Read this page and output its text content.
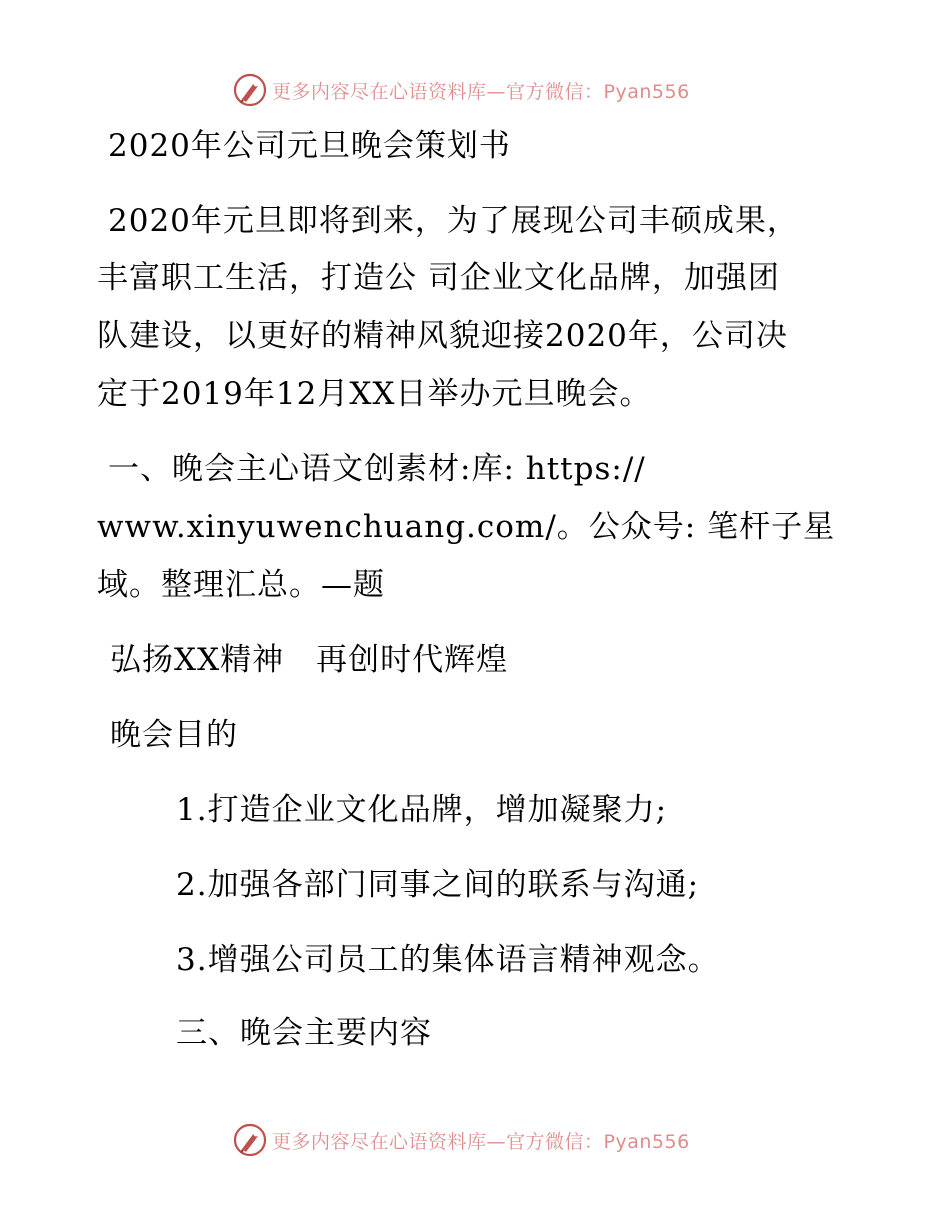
更多内容尽在心语资料库—官方微信：Pyan556
2020年公司元旦晚会策划书
2020年元旦即将到来，为了展现公司丰硕成果，
丰富职工生活，打造公 司企业文化品牌，加强团
队建设，以更好的精神风貌迎接2020年，公司决
定于2019年12月XX日举办元旦晚会。
一、晚会主心语文创素材:库: https://
www.xinyuwenchuang.com/。公众号: 笔杆子星
域。整理汇总。—题
弘扬XX精神　再创时代辉煌
晚会目的
1.打造企业文化品牌，增加凝聚力;
2.加强各部门同事之间的联系与沟通;
3.增强公司员工的集体语言精神观念。
三、晚会主要内容
更多内容尽在心语资料库—官方微信：Pyan556
